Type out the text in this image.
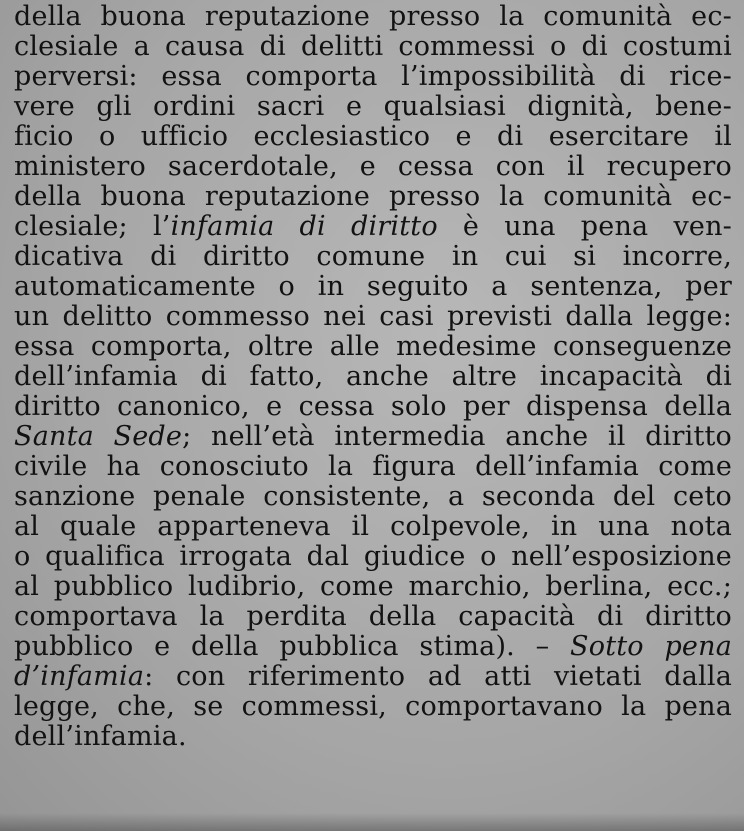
della buona reputazione presso la comunità ec-
clesiale a causa di delitti commessi o di costumi
perversi: essa comporta l’impossibilità di rice-
vere gli ordini sacri e qualsiasi dignità, bene-
ficio o ufficio ecclesiastico e di esercitare il
ministero sacerdotale, e cessa con il recupero
della buona reputazione presso la comunità ec-
clesiale; l’infamia di diritto è una pena ven-
dicativa di diritto comune in cui si incorre,
automaticamente o in seguito a sentenza, per
un delitto commesso nei casi previsti dalla legge:
essa comporta, oltre alle medesime conseguenze
dell’infamia di fatto, anche altre incapacità di
diritto canonico, e cessa solo per dispensa della
Santa Sede; nell’età intermedia anche il diritto
civile ha conosciuto la figura dell’infamia come
sanzione penale consistente, a seconda del ceto
al quale apparteneva il colpevole, in una nota
o qualifica irrogata dal giudice o nell’esposizione
al pubblico ludibrio, come marchio, berlina, ecc.;
comportava la perdita della capacità di diritto
pubblico e della pubblica stima). – Sotto pena
d’infamia: con riferimento ad atti vietati dalla
legge, che, se commessi, comportavano la pena
dell’infamia.
